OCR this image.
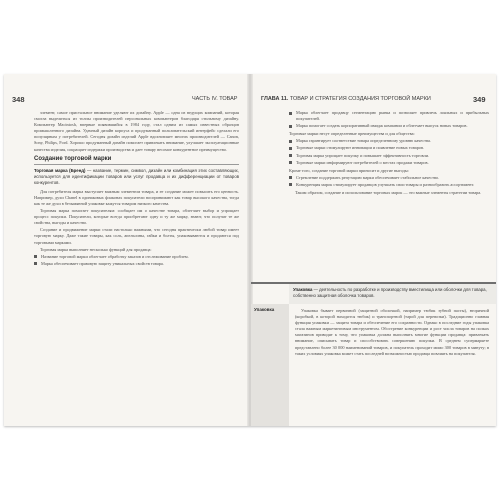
348	ЧАСТЬ IV. ТОВАР

элемент, самое пристальное внимание уделяют их дизайну. Apple — одна из ведущих компаний, которая смогла выделиться из толпы производителей персональных компьютеров благодаря стильному дизайну. Компьютер Macintosh, впервые появившийся в 1984 году, стал одним из самых известных образцов промышленного дизайна. Удачный дизайн корпуса и продуманный пользовательский интерфейс сделали его популярным у потребителей. Сегодня дизайн изделий Apple вдохновляет многих производителей — Canon, Sony, Philips, Ford. Хорошо продуманный дизайн помогает привлекать внимание, улучшает эксплуатационные качества изделия, сокращает издержки производства и дает товару весомое конкурентное преимущество.

Создание торговой марки
Торговая марка (Бренд) — название, термин, символ, дизайн или комбинация этих составляющих, используется для идентификации товаров или услуг продавца и их дифференциации от товаров конкурентов.

Для потребителя марка выступает важным элементом товара, и ее создание может повысить его ценность. Например, духи Chanel в одинаковых флаконах покупатели воспринимают как товар высокого качества, тогда как те же духи в безымянной упаковке кажутся товаром низкого качества.

Торговая марка помогает покупателям: сообщает им о качестве товара, облегчает выбор и упрощает процесс покупки. Покупатели, которые всегда приобретают одну и ту же марку, знают, что получат те же свойства, выгоды и качество.

Создание и продвижение марки стали настолько важными, что сегодня практически любой товар имеет торговую марку. Даже такие товары, как соль, апельсины, гайки и болты, упаковываются и продаются под торговыми марками.

Торговая марка выполняет несколько функций для продавца:

Название торговой марки облегчает обработку заказов и отслеживание проблем.
Марка обеспечивает правовую защиту уникальных свойств товара.
ГЛАВА 11. ТОВАР И СТРАТЕГИЯ СОЗДАНИЯ ТОРГОВОЙ МАРКИ	349
Марка облегчает продавцу сегментацию рынка и позволяет привлечь лояльных и прибыльных покупателей.
Марка помогает создать корпоративный имидж компании и облегчает выпуск новых товаров.

Торговые марки несут определенные преимущества и для общества:

Марка гарантирует соответствие товара определенному уровню качества.
Торговые марки стимулируют инновации и появление новых товаров.
Торговая марка упрощает покупку и повышает эффективность торговли.
Торговые марки информируют потребителей о местах продажи товаров.

Кроме того, создание торговой марки приносит и другие выгоды:

Стремление поддержать репутацию марки обеспечивает стабильное качество.
Конкуренция марок стимулирует продавцов улучшать свои товары и разнообразить ассортимент.

Таким образом, создание и использование торговых марок — это важные элементы стратегии товара.

Упаковка — деятельность по разработке и производству вместилища или оболочки для товара, собственно защитная оболочка товаров.
Упаковка	Упаковка бывает первичной (защитной оболочкой, например тюбик зубной пасты), вторичной (коробкой, в которой находится тюбик) и транспортной (тарой для перевозки). Традиционно главная функция упаковки — защита товара и обеспечение его сохранности. Однако в последние годы упаковка стала важным маркетинговым инструментом. Обострение конкуренции и рост числа товаров на полках магазинов приводят к тому, что упаковка должна выполнять многие функции продавца: привлекать внимание, описывать товар и способствовать совершению покупки. В среднем супермаркете представлено более 30 000 наименований товаров, и покупатель проходит мимо 300 товаров в минуту; в таких условиях упаковка может стать последней возможностью продавца повлиять на покупателя.
